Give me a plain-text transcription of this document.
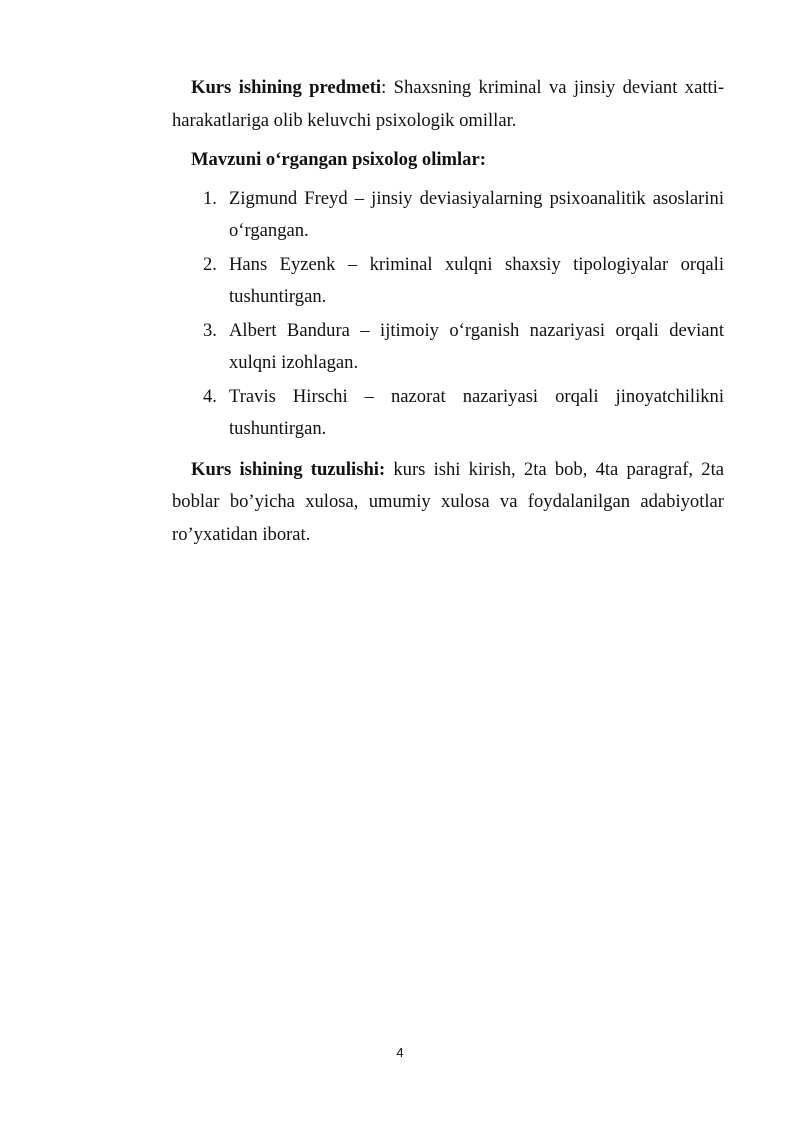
Kurs ishining predmeti: Shaxsning kriminal va jinsiy deviant xatti-harakatlariga olib keluvchi psixologik omillar.

Mavzuni o‘rgangan psixolog olimlar:
1. Zigmund Freyd – jinsiy deviasiyalarning psixoanalitik asoslarini o‘rgangan.
2. Hans Eyzenk – kriminal xulqni shaxsiy tipologiyalar orqali tushuntirgan.
3. Albert Bandura – ijtimoiy o‘rganish nazariyasi orqali deviant xulqni izohlagan.
4. Travis Hirschi – nazorat nazariyasi orqali jinoyatchilikni tushuntirgan.

Kurs ishining tuzulishi: kurs ishi kirish, 2ta bob, 4ta paragraf, 2ta boblar bo’yicha xulosa, umumiy xulosa va foydalanilgan adabiyotlar ro’yxatidan iborat.

4
